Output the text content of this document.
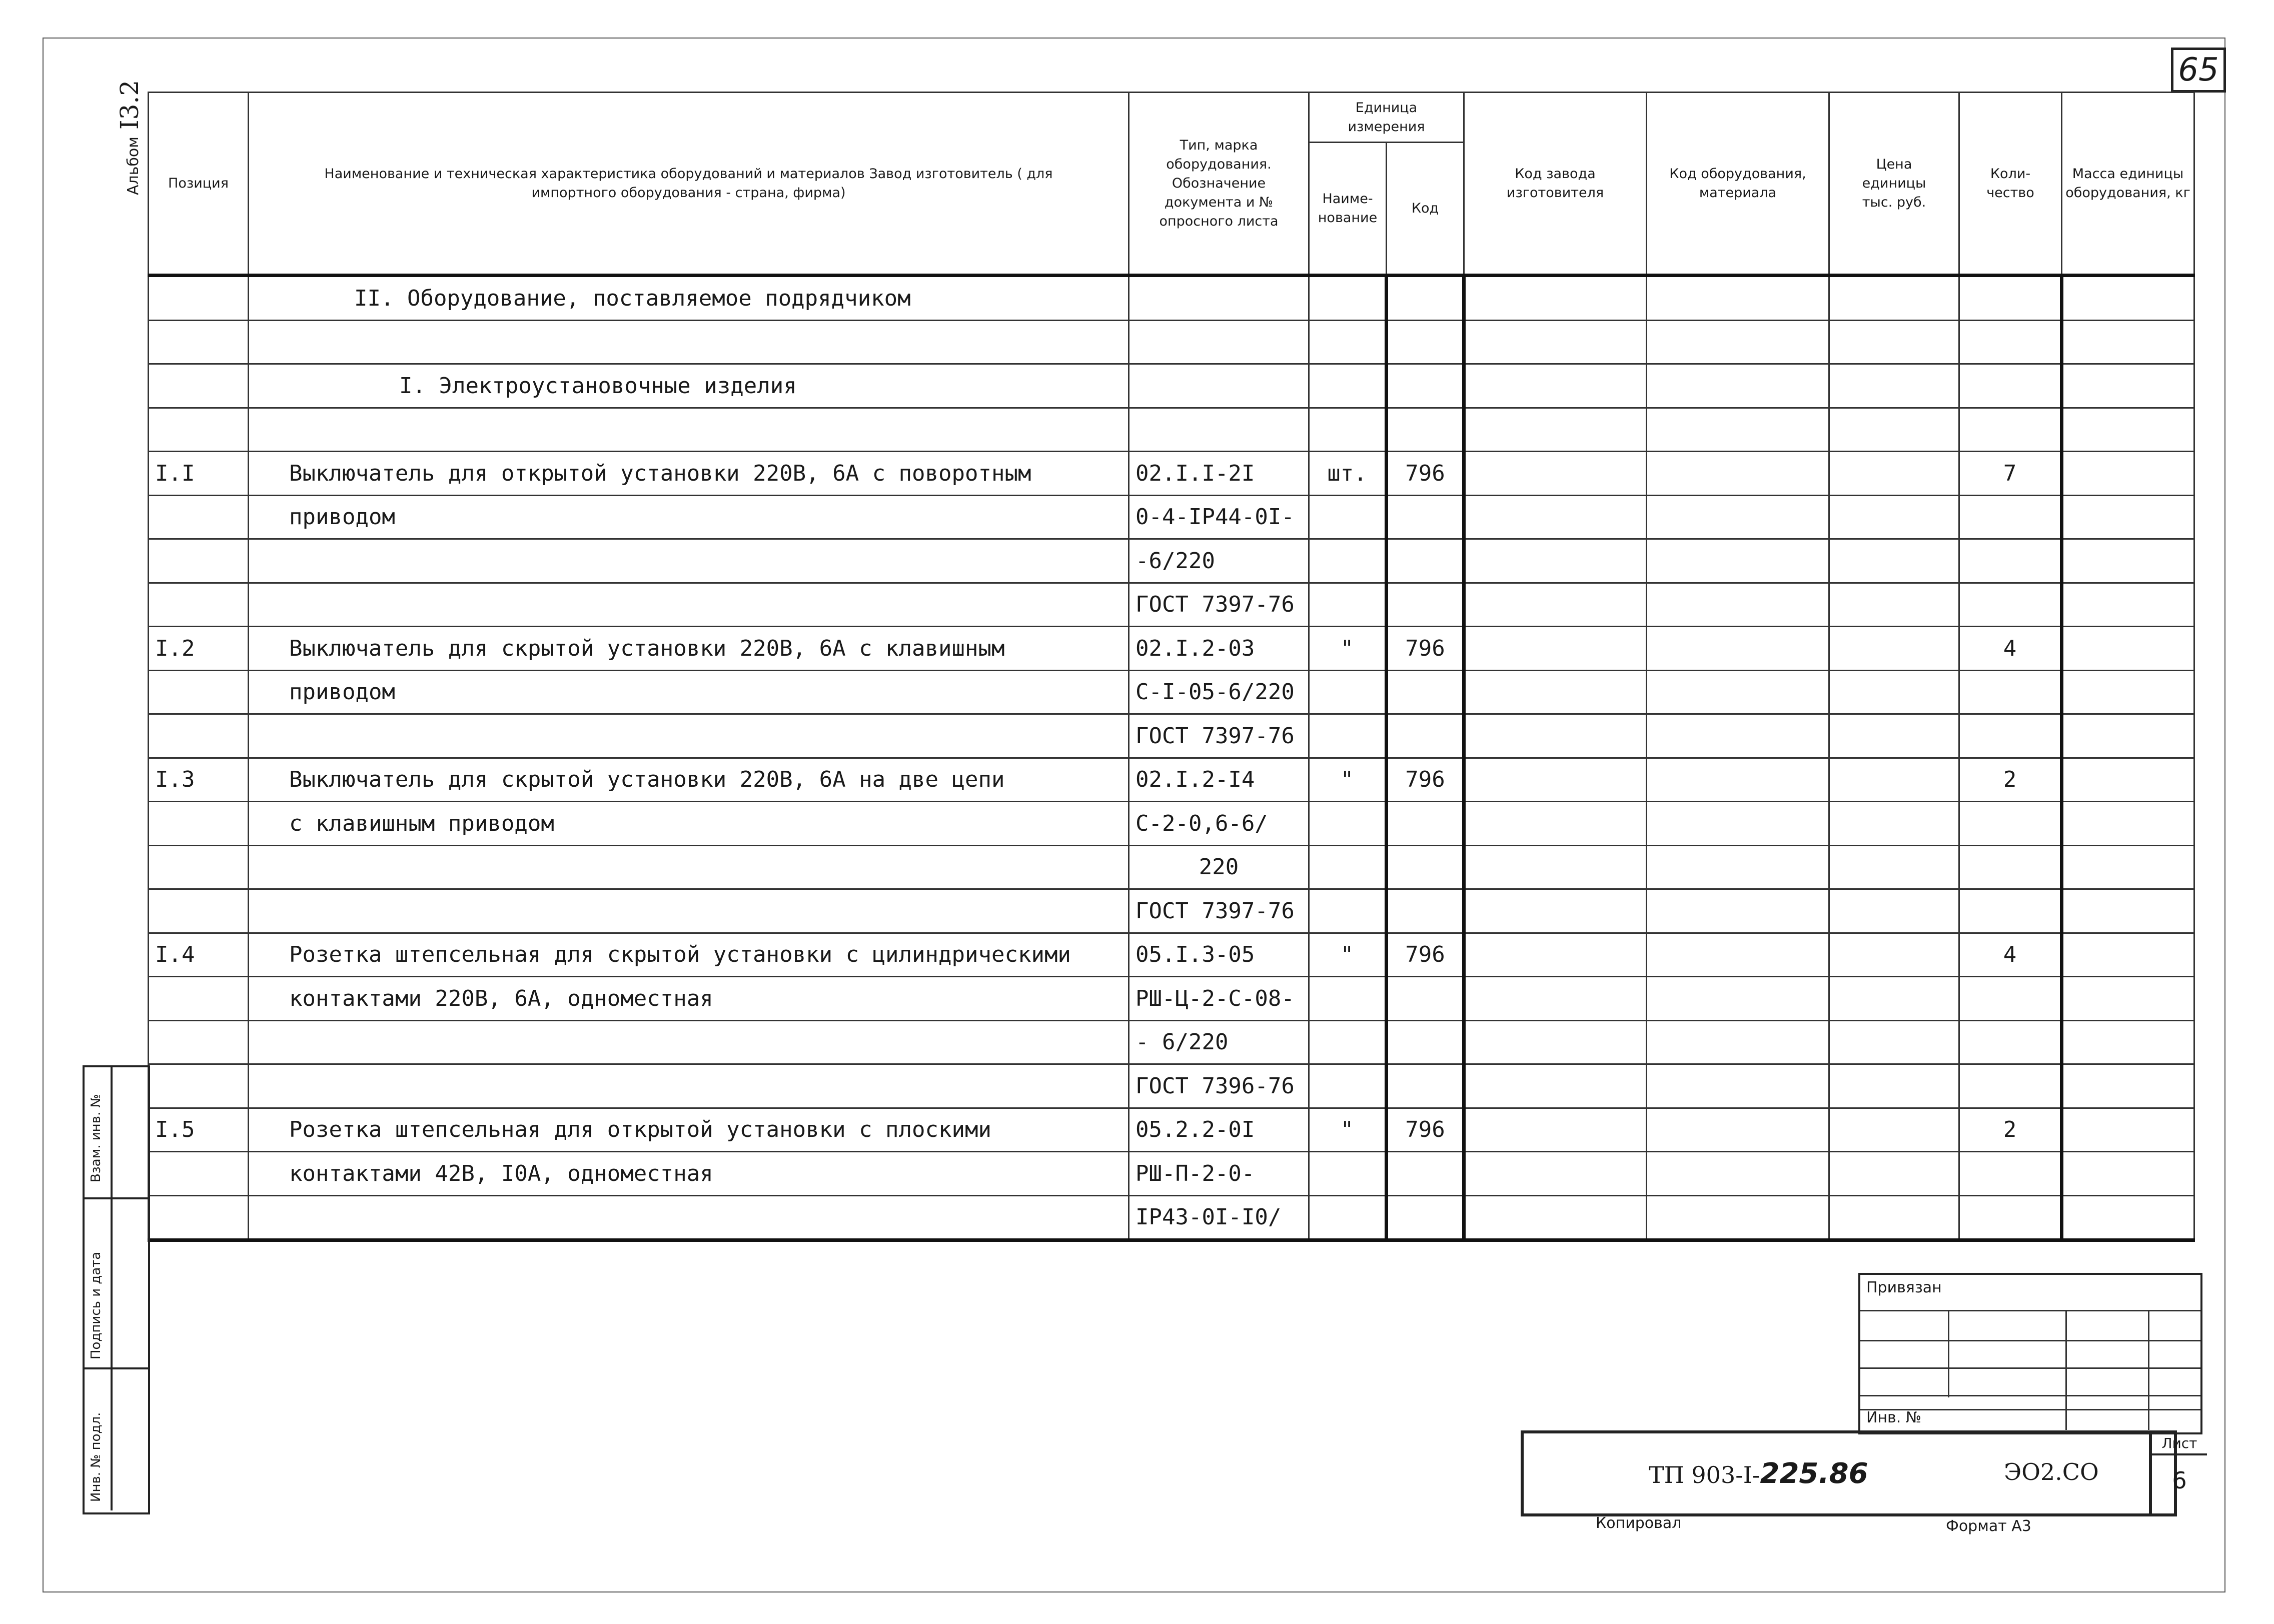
65
АльбомI3.2
Позиция	Наименование и техническая характеристика оборудований и материалов Завод изготовитель ( для импортного оборудования - страна, фирма)	Тип, марка оборудования. Обозначение документа и № опросного листа	Единица измерения		Код завода изготовителя	Код оборудования, материала	Цена единицы тыс. руб.	Коли-чество	Масса единицы оборудования, кг
			Наиме-нование	Код					
	II. Оборудование, поставляемое подрядчиком								

	I. Электроустановочные изделия								

I.I	Выключатель для открытой установки 220В, 6А с поворотным	02.I.I-2I	шт.	796				7	
	приводом	0-4-IP44-0I-							
		-6/220							
		ГОСТ 7397-76							
I.2	Выключатель для скрытой установки 220В, 6А с клавишным	02.I.2-03	"	796				4	
	приводом	С-I-05-6/220							
		ГОСТ 7397-76							
I.3	Выключатель для скрытой установки 220В, 6А на две цепи	02.I.2-I4	"	796				2	
	с клавишным приводом	С-2-0,6-6/							
		220							
		ГОСТ 7397-76							
I.4	Розетка штепсельная для скрытой установки с цилиндрическими	05.I.3-05	"	796				4	
	контактами 220В, 6А, одноместная	РШ-Ц-2-С-08-							
		- 6/220							
		ГОСТ 7396-76							
I.5	Розетка штепсельная для открытой установки с плоскими	05.2.2-0I	"	796				2	
	контактами 42В, I0А, одноместная	РШ-П-2-0-							
		IP43-0I-I0/							
Взам. инв. №
Подпись и дата
Инв. № подл.
Привязан
Инв. №
ТП 903-I-225.86	ЭО2.СО
Лист
6
Копировал	Формат А3
